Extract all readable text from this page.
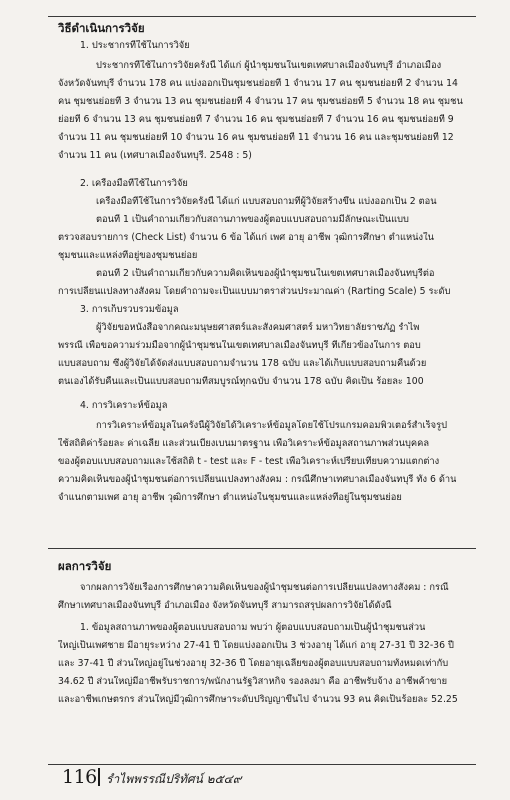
วิธีดำเนินการวิจัย
1. ประชากรที่ใช้ในการวิจัย
ประชากรที่ใช้ในการวิจัยครั้งนี้ ได้แก่ ผู้นำชุมชนในเขตเทศบาลเมืองจันทบุรี อำเภอเมือง
จังหวัดจันทบุรี จำนวน 178 คน แบ่งออกเป็นชุมชนย่อยที่ 1 จำนวน 17 คน ชุมชนย่อยที่ 2 จำนวน 14
คน ชุมชนย่อยที่ 3 จำนวน 13 คน ชุมชนย่อยที่ 4 จำนวน 17 คน ชุมชนย่อยที่ 5 จำนวน 18 คน ชุมชน
ย่อยที่ 6 จำนวน 13 คน ชุมชนย่อยที่ 7 จำนวน 16 คน ชุมชนย่อยที่ 7 จำนวน 16 คน ชุมชนย่อยที่ 9
จำนวน 11 คน ชุมชนย่อยที่ 10 จำนวน 16 คน ชุมชนย่อยที่ 11 จำนวน 16 คน และชุมชนย่อยที่ 12
จำนวน 11 คน (เทศบาลเมืองจันทบุรี. 2548 : 5)
2. เครื่องมือที่ใช้ในการวิจัย
เครื่องมือที่ใช้ในการวิจัยครั้งนี้ ได้แก่ แบบสอบถามที่ผู้วิจัยสร้างขึ้น แบ่งออกเป็น 2 ตอน
ตอนที่ 1 เป็นคำถามเกี่ยวกับสถานภาพของผู้ตอบแบบสอบถามมีลักษณะเป็นแบบ
ตรวจสอบรายการ (Check List) จำนวน 6 ข้อ ได้แก่ เพศ อายุ อาชีพ วุฒิการศึกษา ตำแหน่งใน
ชุมชนและแหล่งที่อยู่ของชุมชนย่อย
ตอนที่ 2 เป็นคำถามเกี่ยวกับความคิดเห็นของผู้นำชุมชนในเขตเทศบาลเมืองจันทบุรีต่อ
การเปลี่ยนแปลงทางสังคม โดยคำถามจะเป็นแบบมาตราส่วนประมาณค่า (Rarting Scale) 5 ระดับ
3. การเก็บรวบรวมข้อมูล
ผู้วิจัยขอหนังสือจากคณะมนุษยศาสตร์และสังคมศาสตร์ มหาวิทยาลัยราชภัฏ รำไพ
พรรณี เพื่อขอความร่วมมือจากผู้นำชุมชนในเขตเทศบาลเมืองจันทบุรี ที่เกี่ยวข้องในการ ตอบ
แบบสอบถาม ซึ่งผู้วิจัยได้จัดส่งแบบสอบถามจำนวน 178 ฉบับ และได้เก็บแบบสอบถามคืนด้วย
ตนเองได้รับคืนและเป็นแบบสอบถามที่สมบูรณ์ทุกฉบับ จำนวน 178 ฉบับ คิดเป็น ร้อยละ 100
4. การวิเคราะห์ข้อมูล
การวิเคราะห์ข้อมูลในครั้งนี้ผู้วิจัยได้วิเคราะห์ข้อมูลโดยใช้โปรแกรมคอมพิวเตอร์สำเร็จรูป
ใช้สถิติค่าร้อยละ ค่าเฉลี่ย และส่วนเบี่ยงเบนมาตรฐาน เพื่อวิเคราะห์ข้อมูลสถานภาพส่วนบุคคล
ของผู้ตอบแบบสอบถามและใช้สถิติ t - test และ F - test เพื่อวิเคราะห์เปรียบเทียบความแตกต่าง
ความคิดเห็นของผู้นำชุมชนต่อการเปลี่ยนแปลงทางสังคม : กรณีศึกษาเทศบาลเมืองจันทบุรี ทั้ง 6 ด้าน
จำแนกตามเพศ อายุ อาชีพ วุฒิการศึกษา ตำแหน่งในชุมชนและแหล่งที่อยู่ในชุมชนย่อย
ผลการวิจัย
จากผลการวิจัยเรื่องการศึกษาความคิดเห็นของผู้นำชุมชนต่อการเปลี่ยนแปลงทางสังคม : กรณี
ศึกษาเทศบาลเมืองจันทบุรี อำเภอเมือง จังหวัดจันทบุรี สามารถสรุปผลการวิจัยได้ดังนี้
1. ข้อมูลสถานภาพของผู้ตอบแบบสอบถาม พบว่า ผู้ตอบแบบสอบถามเป็นผู้นำชุมชนส่วน
ใหญ่เป็นเพศชาย มีอายุระหว่าง 27-41 ปี โดยแบ่งออกเป็น 3 ช่วงอายุ ได้แก่ อายุ 27-31 ปี 32-36 ปี
และ 37-41 ปี ส่วนใหญ่อยู่ในช่วงอายุ 32-36 ปี โดยอายุเฉลี่ยของผู้ตอบแบบสอบถามทั้งหมดเท่ากับ
34.62 ปี ส่วนใหญ่มีอาชีพรับราชการ/พนักงานรัฐวิสาหกิจ รองลงมา คือ อาชีพรับจ้าง อาชีพค้าขาย
และอาชีพเกษตรกร ส่วนใหญ่มีวุฒิการศึกษาระดับปริญญาขึ้นไป จำนวน 93 คน คิดเป็นร้อยละ 52.25
116 รำไพพรรณีปริทัศน์ ๒๕๔๙
